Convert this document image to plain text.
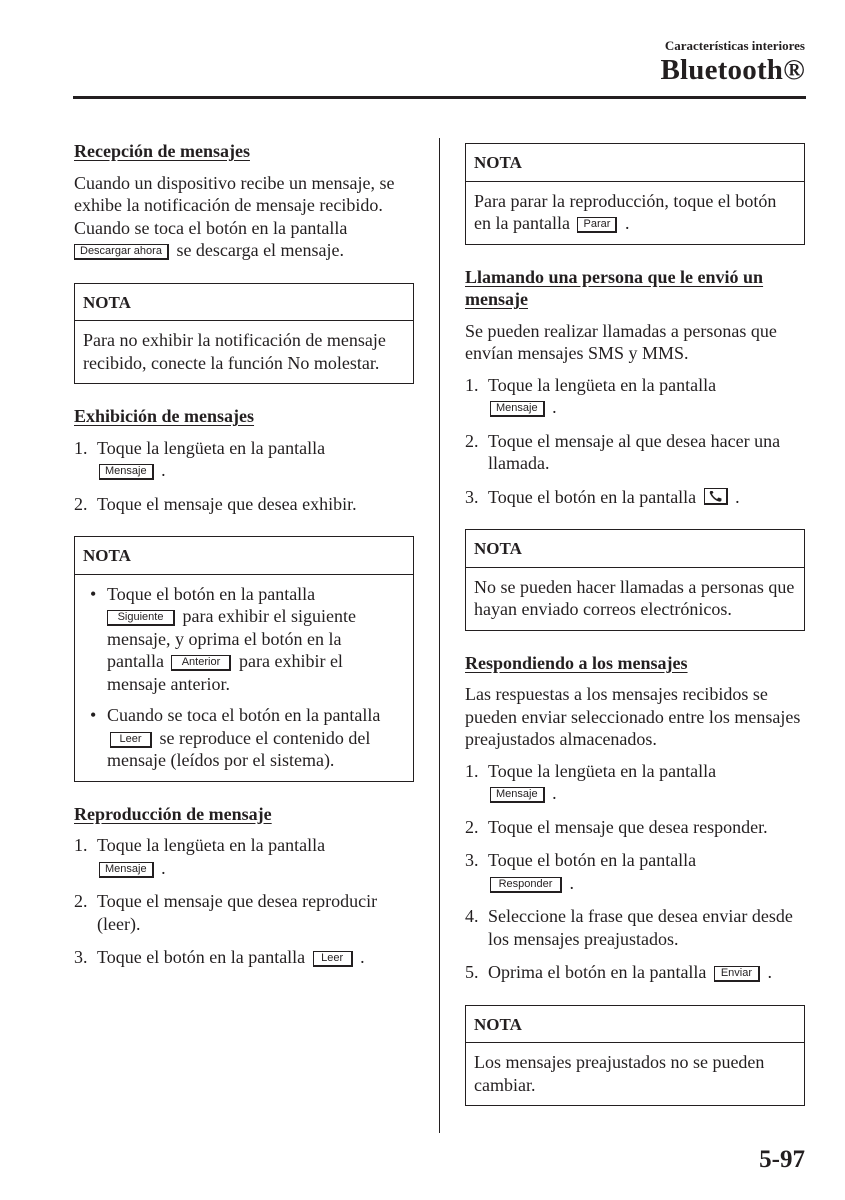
Características interiores
Bluetooth®
Recepción de mensajes

Cuando un dispositivo recibe un mensaje, se exhibe la notificación de mensaje recibido.

Cuando se toca el botón en la pantalla
Descargar ahora se descarga el mensaje.

NOTA
Para no exhibir la notificación de mensaje recibido, conecte la función No molestar.
Exhibición de mensajes
1. Toque la lengüeta en la pantalla
Mensaje .
2. Toque el mensaje que desea exhibir.
NOTA
• Toque el botón en la pantalla
Siguiente para exhibir el siguiente mensaje, y oprima el botón en la pantalla Anterior para exhibir el mensaje anterior.
• Cuando se toca el botón en la pantalla Leer se reproduce el contenido del mensaje (leídos por el sistema).
Reproducción de mensaje
1. Toque la lengüeta en la pantalla
Mensaje .
2. Toque el mensaje que desea reproducir (leer).
3. Toque el botón en la pantalla Leer .
NOTA
Para parar la reproducción, toque el botón en la pantalla Parar .
Llamando una persona que le envió un mensaje

Se pueden realizar llamadas a personas que envían mensajes SMS y MMS.

1. Toque la lengüeta en la pantalla
Mensaje .
2. Toque el mensaje al que desea hacer una llamada.
3. Toque el botón en la pantalla .
NOTA
No se pueden hacer llamadas a personas que hayan enviado correos electrónicos.
Respondiendo a los mensajes

Las respuestas a los mensajes recibidos se pueden enviar seleccionado entre los mensajes preajustados almacenados.

1. Toque la lengüeta en la pantalla
Mensaje .
2. Toque el mensaje que desea responder.
3. Toque el botón en la pantalla
Responder .
4. Seleccione la frase que desea enviar desde los mensajes preajustados.
5. Oprima el botón en la pantalla Enviar .
NOTA
Los mensajes preajustados no se pueden cambiar.
5-97
